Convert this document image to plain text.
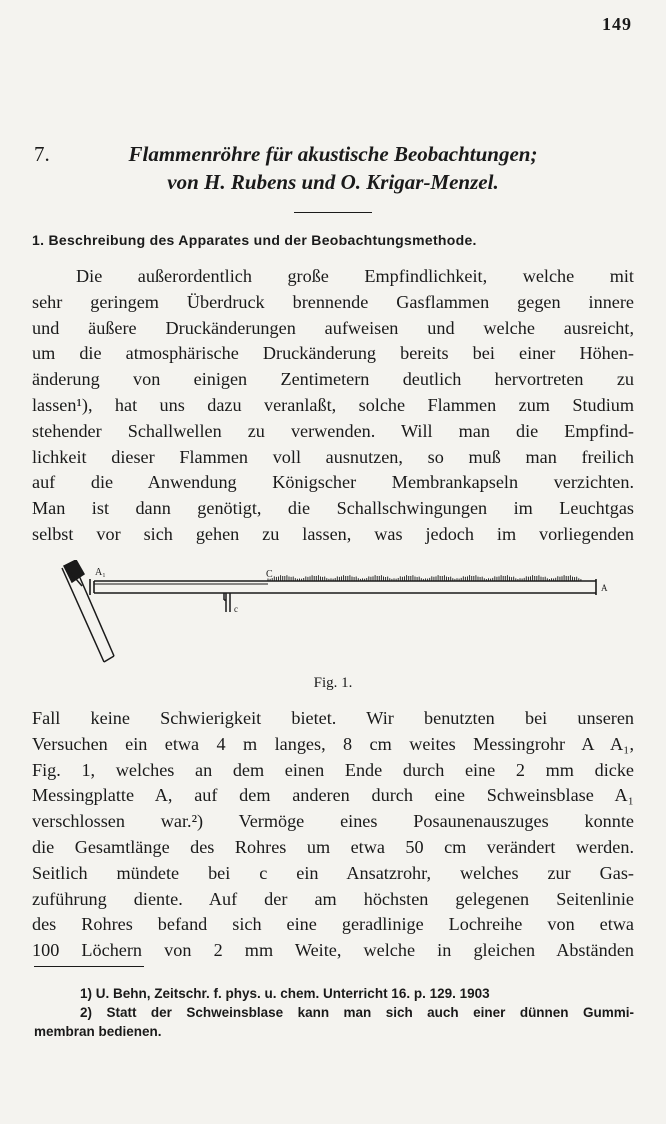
149
7.	Flammenröhre für akustische Beobachtungen;
von H. Rubens und O. Krigar-Menzel.
1. Beschreibung des Apparates und der Beobachtungsmethode.
Die außerordentlich große Empfindlichkeit, welche mit
sehr geringem Überdruck brennende Gasflammen gegen innere
und äußere Druckänderungen aufweisen und welche ausreicht,
um die atmosphärische Druckänderung bereits bei einer Höhen-
änderung von einigen Zentimetern deutlich hervortreten zu
lassen¹), hat uns dazu veranlaßt, solche Flammen zum Studium
stehender Schallwellen zu verwenden. Will man die Empfind-
lichkeit dieser Flammen voll ausnutzen, so muß man freilich
auf die Anwendung Königscher Membrankapseln verzichten.
Man ist dann genötigt, die Schallschwingungen im Leuchtgas
selbst vor sich gehen zu lassen, was jedoch im vorliegenden
A₁	C
c
A
Fig. 1.
Fall keine Schwierigkeit bietet. Wir benutzten bei unseren
Versuchen ein etwa 4 m langes, 8 cm weites Messingrohr A A₁,
Fig. 1, welches an dem einen Ende durch eine 2 mm dicke
Messingplatte A, auf dem anderen durch eine Schweinsblase A₁
verschlossen war.²) Vermöge eines Posaunenauszuges konnte
die Gesamtlänge des Rohres um etwa 50 cm verändert werden.
Seitlich mündete bei c ein Ansatzrohr, welches zur Gas-
zuführung diente. Auf der am höchsten gelegenen Seitenlinie
des Rohres befand sich eine geradlinige Lochreihe von etwa
100 Löchern von 2 mm Weite, welche in gleichen Abständen
1) U. Behn, Zeitschr. f. phys. u. chem. Unterricht 16. p. 129. 1903
2) Statt der Schweinsblase kann man sich auch einer dünnen Gummi-
membran bedienen.
